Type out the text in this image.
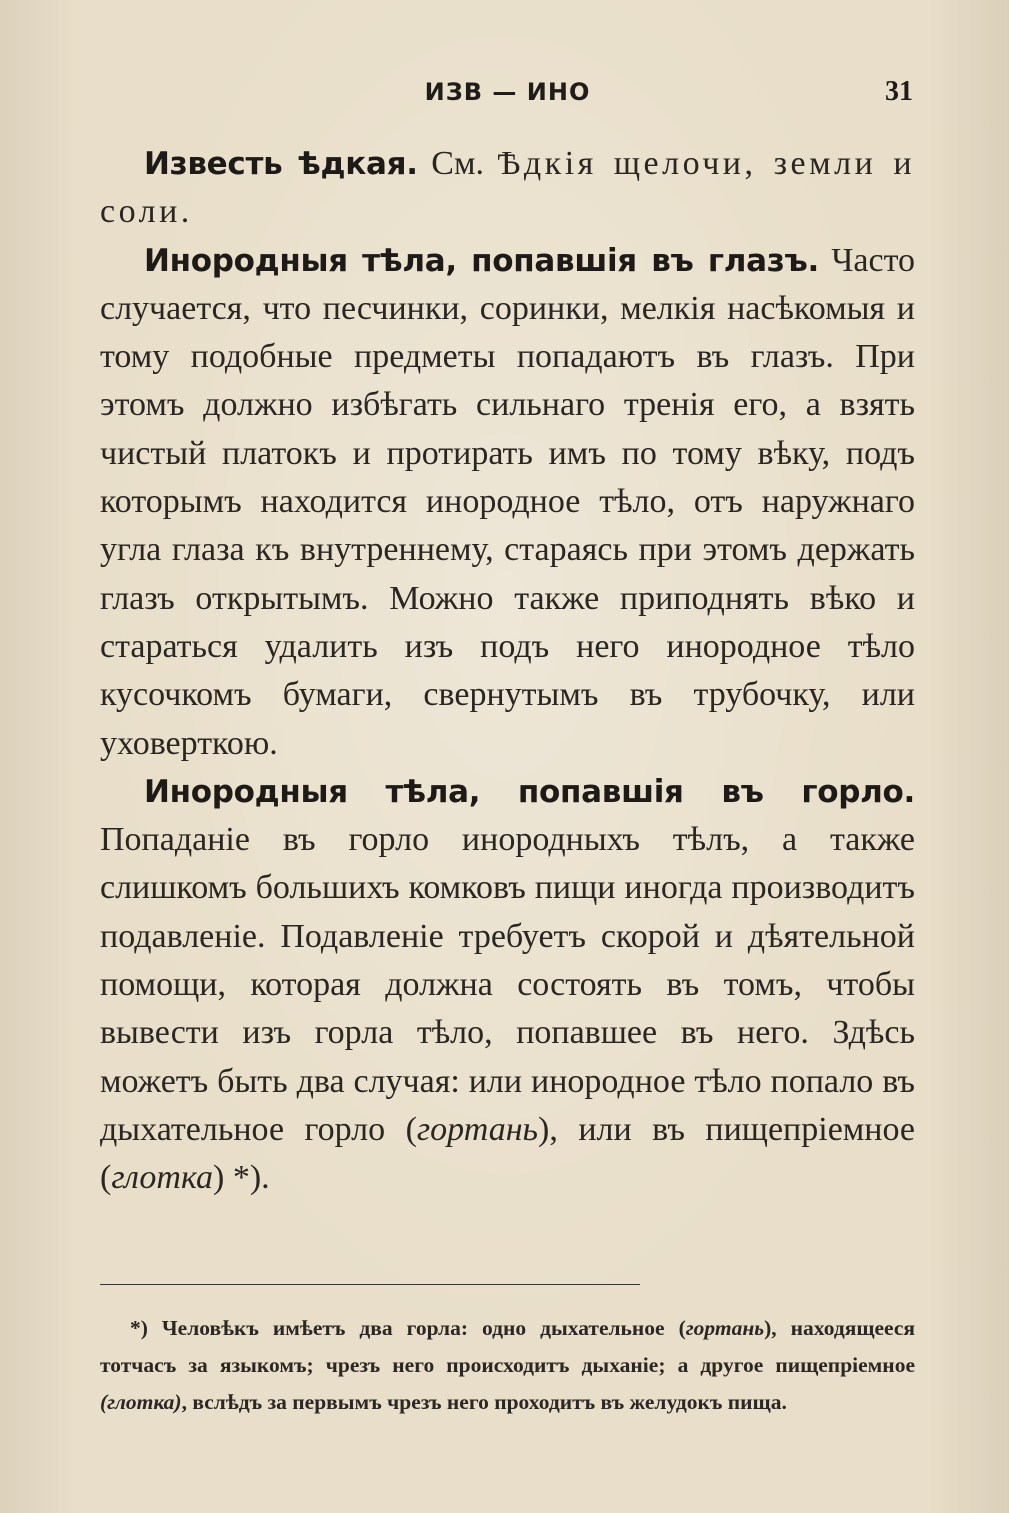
ИЗВ — ИНО	31

Известь ѣдкая. См. Ѣдкія щелочи, земли и соли.

Инородныя тѣла, попавшія въ глазъ. Часто случается, что песчинки, соринки, мелкія насѣкомыя и тому подобные предметы попадаютъ въ глазъ. При этомъ должно избѣгать сильнаго тренія его, а взять чистый платокъ и протирать имъ по тому вѣку, подъ которымъ находится инородное тѣло, отъ наружнаго угла глаза къ внутреннему, стараясь при этомъ держать глазъ открытымъ. Можно также приподнять вѣко и стараться удалить изъ подъ него инородное тѣло кусочкомъ бумаги, свернутымъ въ трубочку, или уховерткою.

Инородныя тѣла, попавшія въ горло. Попаданіе въ горло инородныхъ тѣлъ, а также слишкомъ большихъ комковъ пищи иногда производитъ подавленіе. Подавленіе требуетъ скорой и дѣятельной помощи, которая должна состоять въ томъ, чтобы вывести изъ горла тѣло, попавшее въ него. Здѣсь можетъ быть два случая: или инородное тѣло попало въ дыхательное горло (гортань), или въ пищепріемное (глотка) *).

*) Человѣкъ имѣетъ два горла: одно дыхательное (гортань), находящееся тотчасъ за языкомъ; чрезъ него происходитъ дыханіе; а другое пищепріемное (глотка), вслѣдъ за первымъ чрезъ него проходитъ въ желудокъ пища.
